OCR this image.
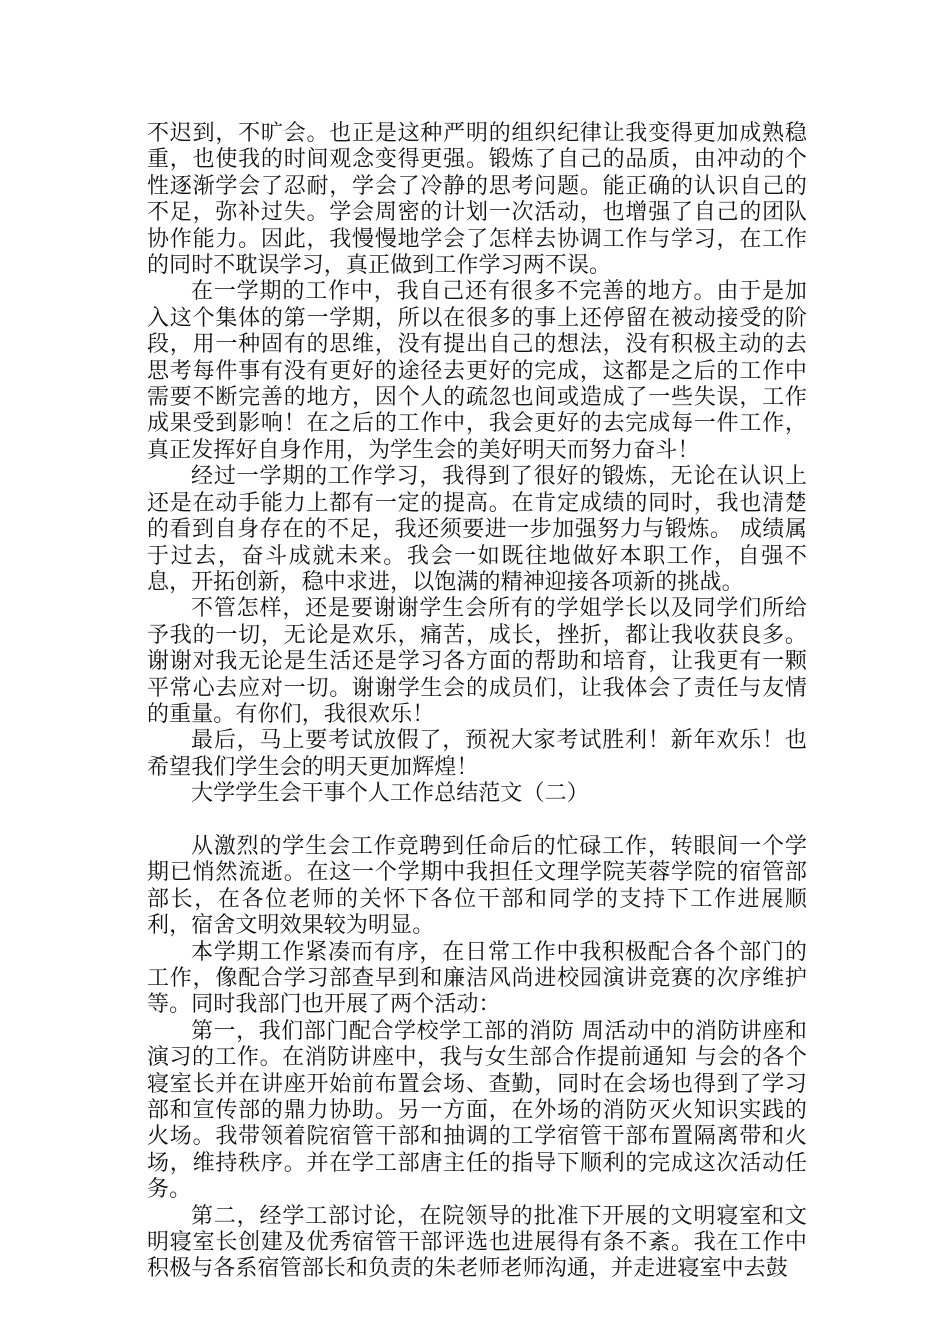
不迟到，不旷会。也正是这种严明的组织纪律让我变得更加成熟稳重，也使我的时间观念变得更强。锻炼了自己的品质，由冲动的个性逐渐学会了忍耐，学会了冷静的思考问题。能正确的认识自己的不足，弥补过失。学会周密的计划一次活动，也增强了自己的团队协作能力。因此，我慢慢地学会了怎样去协调工作与学习，在工作的同时不耽误学习，真正做到工作学习两不误。

在一学期的工作中，我自己还有很多不完善的地方。由于是加入这个集体的第一学期，所以在很多的事上还停留在被动接受的阶段，用一种固有的思维，没有提出自己的想法，没有积极主动的去思考每件事有没有更好的途径去更好的完成，这都是之后的工作中需要不断完善的地方，因个人的疏忽也间或造成了一些失误，工作成果受到影响！在之后的工作中，我会更好的去完成每一件工作，真正发挥好自身作用，为学生会的美好明天而努力奋斗！

经过一学期的工作学习，我得到了很好的锻炼，无论在认识上还是在动手能力上都有一定的提高。在肯定成绩的同时，我也清楚的看到自身存在的不足，我还须要进一步加强努力与锻炼。 成绩属于过去，奋斗成就未来。我会一如既往地做好本职工作，自强不息，开拓创新，稳中求进，以饱满的精神迎接各项新的挑战。

不管怎样，还是要谢谢学生会所有的学姐学长以及同学们所给予我的一切，无论是欢乐，痛苦，成长，挫折，都让我收获良多。谢谢对我无论是生活还是学习各方面的帮助和培育，让我更有一颗平常心去应对一切。谢谢学生会的成员们，让我体会了责任与友情的重量。有你们，我很欢乐！

最后，马上要考试放假了，预祝大家考试胜利！新年欢乐！也希望我们学生会的明天更加辉煌！

大学学生会干事个人工作总结范文（二）

从激烈的学生会工作竞聘到任命后的忙碌工作，转眼间一个学期已悄然流逝。在这一个学期中我担任文理学院芙蓉学院的宿管部部长，在各位老师的关怀下各位干部和同学的支持下工作进展顺利，宿舍文明效果较为明显。

本学期工作紧凑而有序，在日常工作中我积极配合各个部门的工作，像配合学习部查早到和廉洁风尚进校园演讲竞赛的次序维护等。同时我部门也开展了两个活动：

第一，我们部门配合学校学工部的消防 周活动中的消防讲座和演习的工作。在消防讲座中，我与女生部合作提前通知 与会的各个寝室长并在讲座开始前布置会场、查勤，同时在会场也得到了学习部和宣传部的鼎力协助。另一方面，在外场的消防灭火知识实践的火场。我带领着院宿管干部和抽调的工学宿管干部布置隔离带和火场，维持秩序。并在学工部唐主任的指导下顺利的完成这次活动任务。

第二，经学工部讨论，在院领导的批准下开展的文明寝室和文明寝室长创建及优秀宿管干部评选也进展得有条不紊。我在工作中积极与各系宿管部长和负责的朱老师老师沟通，并走进寝室中去鼓
